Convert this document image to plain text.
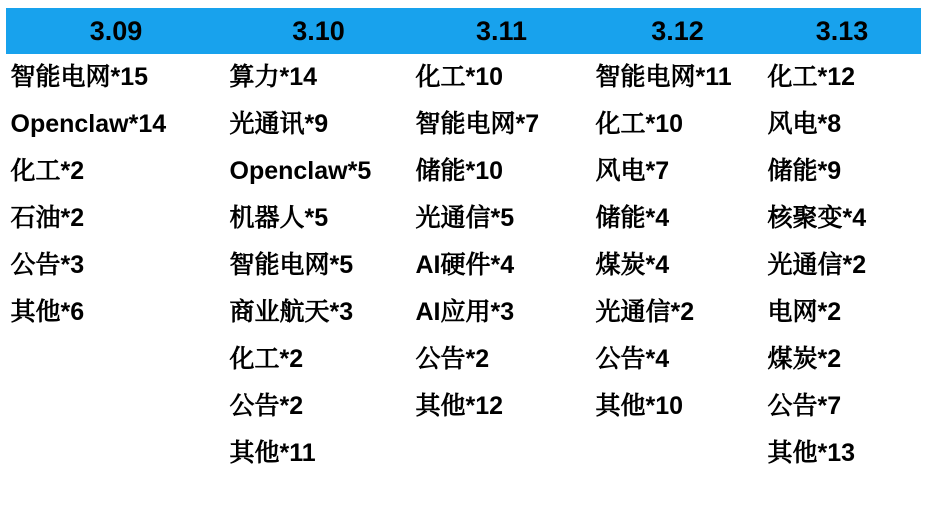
3.09	3.10	3.11	3.12	3.13
智能电网*15	算力*14	化工*10	智能电网*11	化工*12
Openclaw*14	光通讯*9	智能电网*7	化工*10	风电*8
化工*2	Openclaw*5	储能*10	风电*7	储能*9
石油*2	机器人*5	光通信*5	储能*4	核聚变*4
公告*3	智能电网*5	AI硬件*4	煤炭*4	光通信*2
其他*6	商业航天*3	AI应用*3	光通信*2	电网*2
	化工*2	公告*2	公告*4	煤炭*2
	公告*2	其他*12	其他*10	公告*7
	其他*11			其他*13
